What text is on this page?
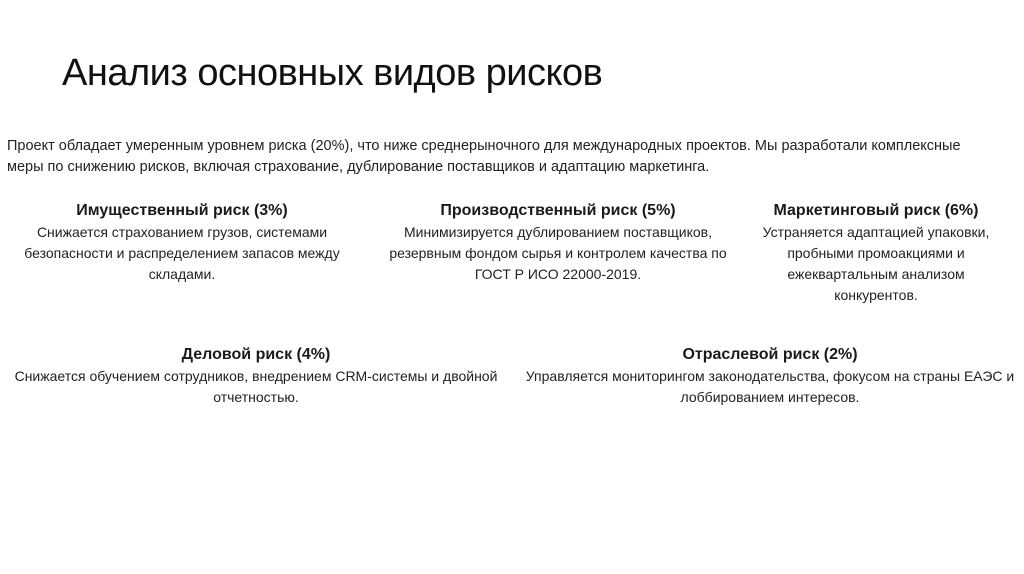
Анализ основных видов рисков
Проект обладает умеренным уровнем риска (20%), что ниже среднерыночного для международных проектов. Мы разработали комплексные меры по снижению рисков, включая страхование, дублирование поставщиков и адаптацию маркетинга.
Имущественный риск (3%)
Снижается страхованием грузов, системами безопасности и распределением запасов между складами.
Производственный риск (5%)
Минимизируется дублированием поставщиков, резервным фондом сырья и контролем качества по ГОСТ Р ИСО 22000-2019.
Маркетинговый риск (6%)
Устраняется адаптацией упаковки, пробными промоакциями и ежеквартальным анализом конкурентов.
Деловой риск (4%)
Снижается обучением сотрудников, внедрением CRM-системы и двойной отчетностью.
Отраслевой риск (2%)
Управляется мониторингом законодательства, фокусом на страны ЕАЭС и лоббированием интересов.
